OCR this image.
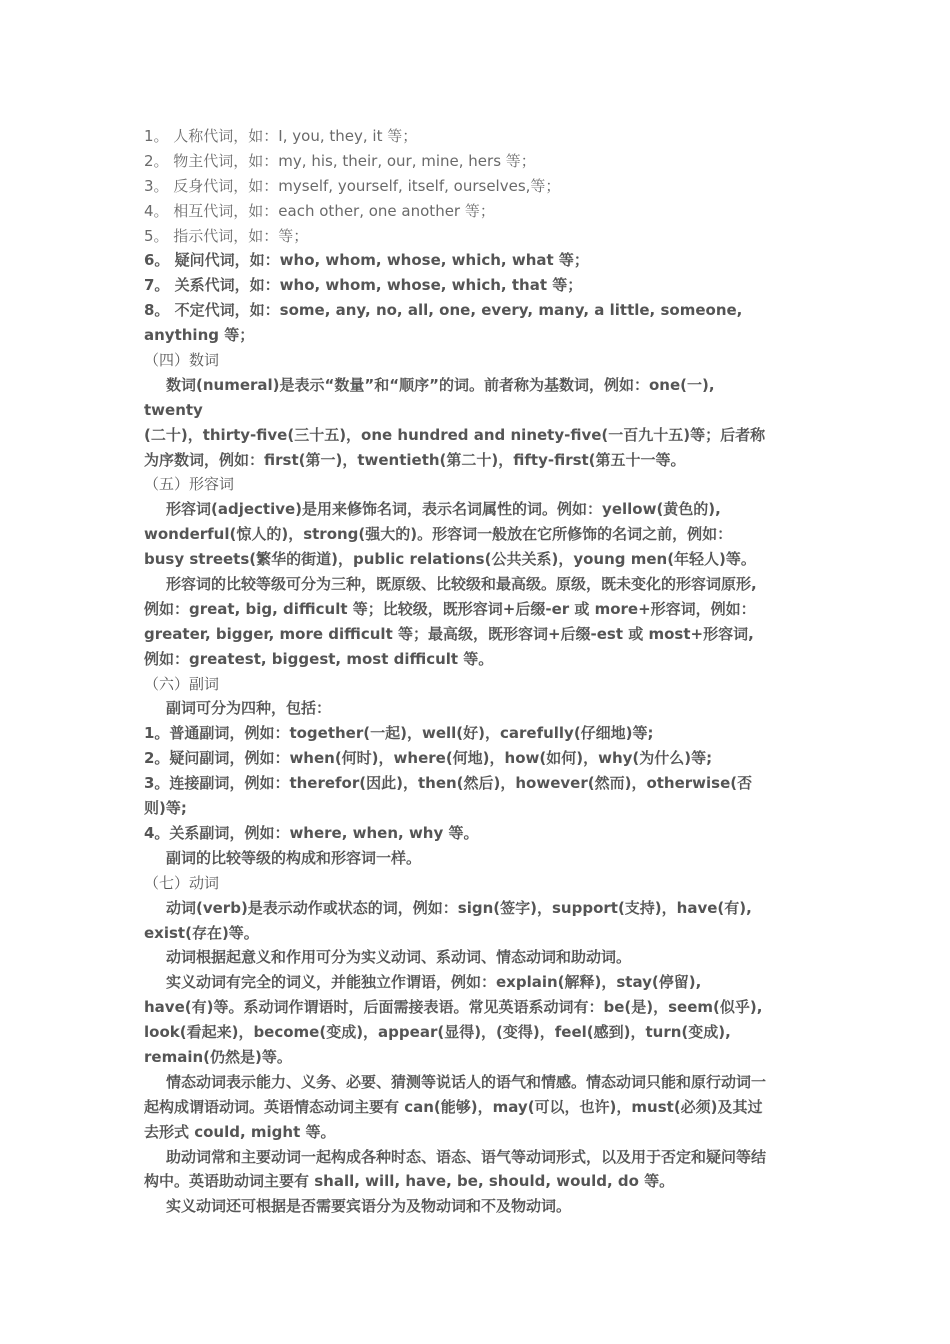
1。 人称代词，如：I, you, they, it 等；
2。 物主代词，如：my, his, their, our, mine, hers 等；
3。 反身代词，如：myself, yourself, itself, ourselves,等；
4。 相互代词，如：each other, one another 等；
5。 指示代词，如：等；
6。 疑问代词，如：who, whom, whose, which, what 等；
7。 关系代词，如：who, whom, whose, which, that 等；
8。 不定代词，如：some, any, no, all, one, every, many, a little, someone,
anything 等；
（四）数词
数词(numeral)是表示“数量”和“顺序”的词。前者称为基数词，例如：one(一),
twenty
(二十)，thirty-five(三十五)，one hundred and ninety-five(一百九十五)等；后者称
为序数词，例如：first(第一)，twentieth(第二十)，fifty-first(第五十一等。
（五）形容词
形容词(adjective)是用来修饰名词，表示名词属性的词。例如：yellow(黄色的),
wonderful(惊人的)，strong(强大的)。形容词一般放在它所修饰的名词之前，例如：
busy streets(繁华的街道)，public relations(公共关系)，young men(年轻人)等。
形容词的比较等级可分为三种，既原级、比较级和最高级。原级，既未变化的形容词原形,
例如：great, big, difficult 等；比较级，既形容词+后缀-er 或 more+形容词，例如：
greater, bigger, more difficult 等；最高级，既形容词+后缀-est 或 most+形容词,
例如：greatest, biggest, most difficult 等。
（六）副词
副词可分为四种，包括：
1。普通副词，例如：together(一起)，well(好)，carefully(仔细地)等;
2。疑问副词，例如：when(何时)，where(何地)，how(如何)，why(为什么)等;
3。连接副词，例如：therefor(因此)，then(然后)，however(然而)，otherwise(否
则)等;
4。关系副词，例如：where, when, why 等。
副词的比较等级的构成和形容词一样。
（七）动词
动词(verb)是表示动作或状态的词，例如：sign(签字)，support(支持)，have(有),
exist(存在)等。
动词根据起意义和作用可分为实义动词、系动词、情态动词和助动词。
实义动词有完全的词义，并能独立作谓语，例如：explain(解释)，stay(停留),
have(有)等。系动词作谓语时，后面需接表语。常见英语系动词有：be(是)，seem(似乎),
look(看起来)，become(变成)，appear(显得)，(变得)，feel(感到)，turn(变成),
remain(仍然是)等。
情态动词表示能力、义务、必要、猜测等说话人的语气和情感。情态动词只能和原行动词一
起构成谓语动词。英语情态动词主要有 can(能够)，may(可以，也许)，must(必须)及其过
去形式 could, might 等。
助动词常和主要动词一起构成各种时态、语态、语气等动词形式，以及用于否定和疑问等结
构中。英语助动词主要有 shall, will, have, be, should, would, do 等。
实义动词还可根据是否需要宾语分为及物动词和不及物动词。
